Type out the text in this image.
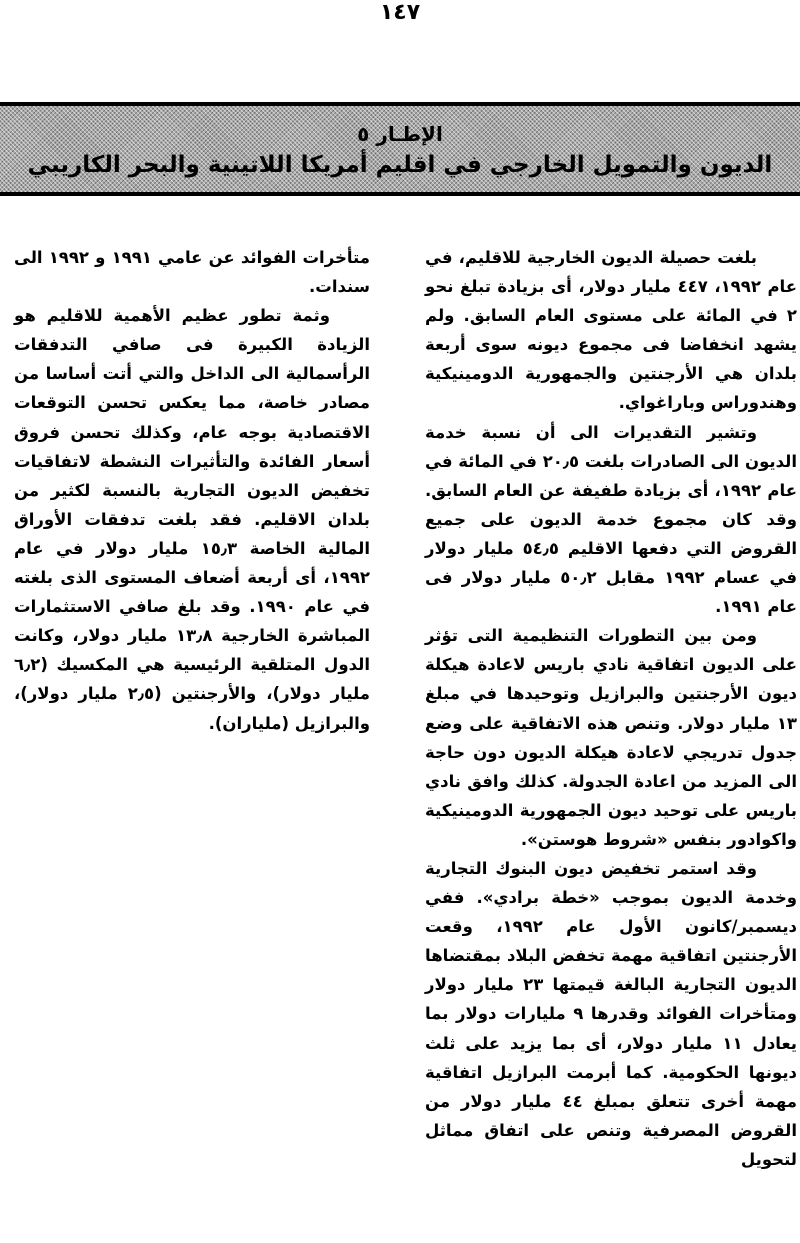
١٤٧
الإطـار ٥
الديون والتمويل الخارجي في اقليم أمريكا اللاتينية والبحر الكاريبي

بلغت حصيلة الديون الخارجية للاقليم، في عام ١٩٩٢، ٤٤٧ مليار دولار، أى بزيادة تبلغ نحو ٢ في المائة على مستوى العام السابق. ولم يشهد انخفاضا فى مجموع ديونه سوى أربعة بلدان هي الأرجنتين والجمهورية الدومينيكية وهندوراس وباراغواي.

وتشير التقديرات الى أن نسبة خدمة الديون الى الصادرات بلغت ٢٠٫٥ في المائة في عام ١٩٩٢، أى بزيادة طفيفة عن العام السابق. وقد كان مجموع خدمة الديون على جميع القروض التي دفعها الاقليم ٥٤٫٥ مليار دولار في عسام ١٩٩٢ مقابل ٥٠٫٢ مليار دولار فى عام ١٩٩١.

ومن بين التطورات التنظيمية التى تؤثر على الديون اتفاقية نادي باريس لاعادة هيكلة ديون الأرجنتين والبرازيل وتوحيدها في مبلغ ١٣ مليار دولار. وتنص هذه الاتفاقية على وضع جدول تدريجي لاعادة هيكلة الديون دون حاجة الى المزيد من اعادة الجدولة. كذلك وافق نادي باريس على توحيد ديون الجمهورية الدومينيكية واكوادور بنفس «شروط هوستن».

وقد استمر تخفيض ديون البنوك التجارية وخدمة الديون بموجب «خطة برادي». ففي ديسمبر/كانون الأول عام ١٩٩٢، وقعت الأرجنتين اتفاقية مهمة تخفض البلاد بمقتضاها الديون التجارية البالغة قيمتها ٢٣ مليار دولار ومتأخرات الفوائد وقدرها ٩ مليارات دولار بما يعادل ١١ مليار دولار، أى بما يزيد على ثلث ديونها الحكومية. كما أبرمت البرازيل اتفاقية مهمة أخرى تتعلق بمبلغ ٤٤ مليار دولار من القروض المصرفية وتنص على اتفاق مماثل لتحويل

متأخرات الفوائد عن عامي ١٩٩١ و ١٩٩٢ الى سندات.

وثمة تطور عظيم الأهمية للاقليم هو الزيادة الكبيرة فى صافي التدفقات الرأسمالية الى الداخل والتي أتت أساسا من مصادر خاصة، مما يعكس تحسن التوقعات الاقتصادية بوجه عام، وكذلك تحسن فروق أسعار الفائدة والتأثيرات النشطة لاتفاقيات تخفيض الديون التجارية بالنسبة لكثير من بلدان الاقليم. فقد بلغت تدفقات الأوراق المالية الخاصة ١٥٫٣ مليار دولار في عام ١٩٩٢، أى أربعة أضعاف المستوى الذى بلغته في عام ١٩٩٠. وقد بلغ صافي الاستثمارات المباشرة الخارجية ١٣٫٨ مليار دولار، وكانت الدول المتلقية الرئيسية هي المكسيك (٦٫٢ مليار دولار)، والأرجنتين (٢٫٥ مليار دولار)، والبرازيل (ملياران).
